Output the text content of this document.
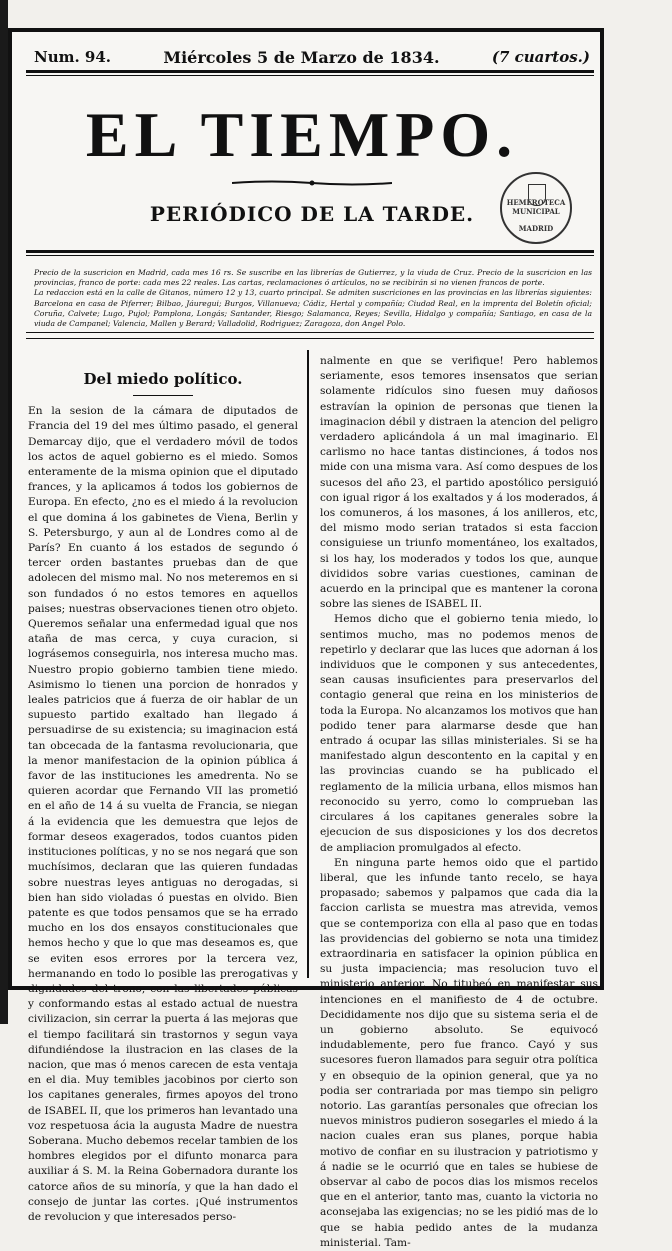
Num. 94.	Miércoles 5 de Marzo de 1834.	(7 cuartos.)
EL TIEMPO.
PERIÓDICO DE LA TARDE.	HEMEROTECA MUNICIPAL
MADRID

Precio de la suscricion en Madrid, cada mes 16 rs. Se suscribe en las librerías de Gutierrez, y la viuda de Cruz. Precio de la suscricion en las provincias, franco de porte: cada mes 22 reales. Las cartas, reclamaciones ó artículos, no se recibirán si no vienen francos de porte.

La redaccion está en la calle de Gitanos, número 12 y 13, cuarto principal. Se admiten suscriciones en las provincias en las librerías siguientes: Barcelona en casa de Piferrer; Bilbao, Jáuregui; Burgos, Villanueva; Cádiz, Hertal y compañía; Ciudad Real, en la imprenta del Boletín oficial; Coruña, Calvete; Lugo, Pujol; Pamplona, Longás; Santander, Riesgo; Salamanca, Reyes; Sevilla, Hidalgo y compañía; Santiago, en casa de la viuda de Campanel; Valencia, Mallen y Berard; Valladolid, Rodriguez; Zaragoza, don Angel Polo.

Del miedo político.

En la sesion de la cámara de diputados de Francia del 19 del mes último pasado, el general Demarcay dijo, que el verdadero móvil de todos los actos de aquel gobierno es el miedo. Somos enteramente de la misma opinion que el diputado frances, y la aplicamos á todos los gobiernos de Europa. En efecto, ¿no es el miedo á la revolucion el que domina á los gabinetes de Viena, Berlin y S. Petersburgo, y aun al de Londres como al de París? En cuanto á los estados de segundo ó tercer orden bastantes pruebas dan de que adolecen del mismo mal. No nos meteremos en si son fundados ó no estos temores en aquellos paises; nuestras observaciones tienen otro objeto. Queremos señalar una enfermedad igual que nos ataña de mas cerca, y cuya curacion, si lográsemos conseguirla, nos interesa mucho mas. Nuestro propio gobierno tambien tiene miedo. Asimismo lo tienen una porcion de honrados y leales patricios que á fuerza de oir hablar de un supuesto partido exaltado han llegado á persuadirse de su existencia; su imaginacion está tan obcecada de la fantasma revolucionaria, que la menor manifestacion de la opinion pública á favor de las instituciones les amedrenta. No se quieren acordar que Fernando VII las prometió en el año de 14 á su vuelta de Francia, se niegan á la evidencia que les demuestra que lejos de formar deseos exagerados, todos cuantos piden instituciones políticas, y no se nos negará que son muchísimos, declaran que las quieren fundadas sobre nuestras leyes antiguas no derogadas, si bien han sido violadas ó puestas en olvido. Bien patente es que todos pensamos que se ha errado mucho en los dos ensayos constitucionales que hemos hecho y que lo que mas deseamos es, que se eviten esos errores por la tercera vez, hermanando en todo lo posible las prerogativas y dignidades del trono, con las libertades públicas y conformando estas al estado actual de nuestra civilizacion, sin cerrar la puerta á las mejoras que el tiempo facilitará sin trastornos y segun vaya difundiéndose la ilustracion en las clases de la nacion, que mas ó menos carecen de esta ventaja en el dia. Muy temibles jacobinos por cierto son los capitanes generales, firmes apoyos del trono de ISABEL II, que los primeros han levantado una voz respetuosa ácia la augusta Madre de nuestra Soberana. Mucho debemos recelar tambien de los hombres elegidos por el difunto monarca para auxiliar á S. M. la Reina Gobernadora durante los catorce años de su minoría, y que la han dado el consejo de juntar las cortes. ¡Qué instrumentos de revolucion y que interesados perso-

nalmente en que se verifique! Pero hablemos seriamente, esos temores insensatos que serian solamente ridículos sino fuesen muy dañosos estravían la opinion de personas que tienen la imaginacion débil y distraen la atencion del peligro verdadero aplicándola á un mal imaginario. El carlismo no hace tantas distinciones, á todos nos mide con una misma vara. Así como despues de los sucesos del año 23, el partido apostólico persiguió con igual rigor á los exaltados y á los moderados, á los comuneros, á los masones, á los anilleros, etc, del mismo modo serian tratados si esta faccion consiguiese un triunfo momentáneo, los exaltados, si los hay, los moderados y todos los que, aunque divididos sobre varias cuestiones, caminan de acuerdo en la principal que es mantener la corona sobre las sienes de ISABEL II.

Hemos dicho que el gobierno tenia miedo, lo sentimos mucho, mas no podemos menos de repetirlo y declarar que las luces que adornan á los individuos que le componen y sus antecedentes, sean causas insuficientes para preservarlos del contagio general que reina en los ministerios de toda la Europa. No alcanzamos los motivos que han podido tener para alarmarse desde que han entrado á ocupar las sillas ministeriales. Si se ha manifestado algun descontento en la capital y en las provincias cuando se ha publicado el reglamento de la milicia urbana, ellos mismos han reconocido su yerro, como lo comprueban las circulares á los capitanes generales sobre la ejecucion de sus disposiciones y los dos decretos de ampliacion promulgados al efecto.

En ninguna parte hemos oido que el partido liberal, que les infunde tanto recelo, se haya propasado; sabemos y palpamos que cada dia la faccion carlista se muestra mas atrevida, vemos que se contemporiza con ella al paso que en todas las providencias del gobierno se nota una timidez extraordinaria en satisfacer la opinion pública en su justa impaciencia; mas resolucion tuvo el ministerio anterior. No titubeó en manifestar sus intenciones en el manifiesto de 4 de octubre. Decididamente nos dijo que su sistema seria el de un gobierno absoluto. Se equivocó indudablemente, pero fue franco. Cayó y sus sucesores fueron llamados para seguir otra política y en obsequio de la opinion general, que ya no podia ser contrariada por mas tiempo sin peligro notorio. Las garantías personales que ofrecian los nuevos ministros pudieron sosegarles el miedo á la nacion cuales eran sus planes, porque habia motivo de confiar en su ilustracion y patriotismo y á nadie se le ocurrió que en tales se hubiese de observar al cabo de pocos dias los mismos recelos que en el anterior, tanto mas, cuanto la victoria no aconsejaba las exigencias; no se les pidió mas de lo que se habia pedido antes de la mudanza ministerial. Tam-
